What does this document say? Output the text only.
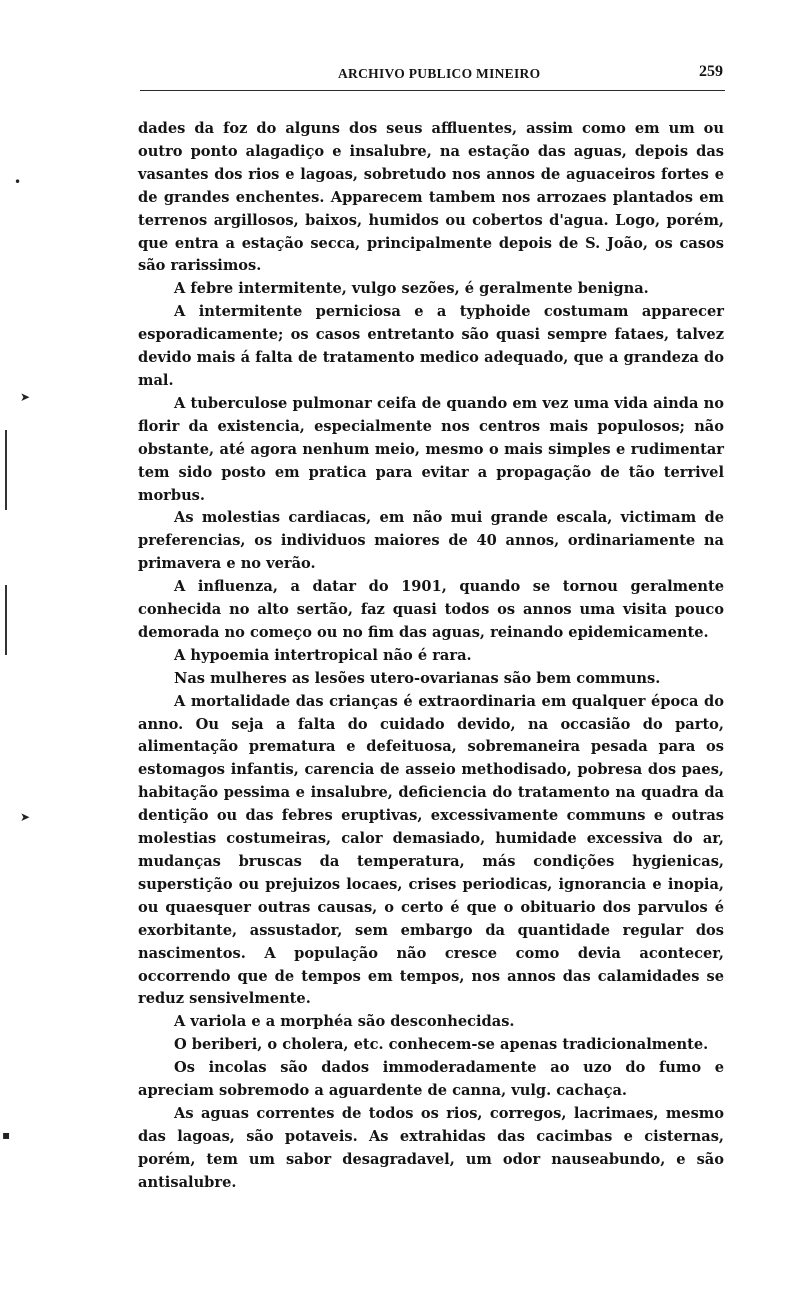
ARCHIVO PUBLICO MINEIRO	259
•
➤
➤
▪

dades da foz do alguns dos seus affluentes, assim como em um ou outro ponto alagadiço e insalubre, na estação das aguas, depois das vasantes dos rios e lagoas, sobretudo nos annos de aguaceiros fortes e de grandes enchentes. Apparecem tambem nos arrozaes plantados em terrenos argillosos, baixos, humidos ou cobertos d'agua. Logo, porém, que entra a estação secca, principalmente depois de S. João, os casos são rarissimos.

A febre intermitente, vulgo sezões, é geralmente benigna.

A intermitente perniciosa e a typhoide costumam apparecer esporadicamente; os casos entretanto são quasi sempre fataes, talvez devido mais á falta de tratamento medico adequado, que a grandeza do mal.

A tuberculose pulmonar ceifa de quando em vez uma vida ainda no florir da existencia, especialmente nos centros mais populosos; não obstante, até agora nenhum meio, mesmo o mais simples e rudimentar tem sido posto em pratica para evitar a propagação de tão terrivel morbus.

As molestias cardiacas, em não mui grande escala, victimam de preferencias, os individuos maiores de 40 annos, ordinariamente na primavera e no verão.

A influenza, a datar do 1901, quando se tornou geralmente conhecida no alto sertão, faz quasi todos os annos uma visita pouco demorada no começo ou no fim das aguas, reinando epidemicamente.

A hypoemia intertropical não é rara.

Nas mulheres as lesões utero-ovarianas são bem communs.

A mortalidade das crianças é extraordinaria em qualquer época do anno. Ou seja a falta do cuidado devido, na occasião do parto, alimentação prematura e defeituosa, sobremaneira pesada para os estomagos infantis, carencia de asseio methodisado, pobresa dos paes, habitação pessima e insalubre, deficiencia do tratamento na quadra da dentição ou das febres eruptivas, excessivamente communs e outras molestias costumeiras, calor demasiado, humidade excessiva do ar, mudanças bruscas da temperatura, más condições hygienicas, superstição ou prejuizos locaes, crises periodicas, ignorancia e inopia, ou quaesquer outras causas, o certo é que o obituario dos parvulos é exorbitante, assustador, sem embargo da quantidade regular dos nascimentos. A população não cresce como devia acontecer, occorrendo que de tempos em tempos, nos annos das calamidades se reduz sensivelmente.

A variola e a morphéa são desconhecidas.

O beriberi, o cholera, etc. conhecem-se apenas tradicionalmente.

Os incolas são dados immoderadamente ao uzo do fumo e apreciam sobremodo a aguardente de canna, vulg. cachaça.

As aguas correntes de todos os rios, corregos, lacrimaes, mesmo das lagoas, são potaveis. As extrahidas das cacimbas e cisternas, porém, tem um sabor desagradavel, um odor nauseabundo, e são antisalubre.
